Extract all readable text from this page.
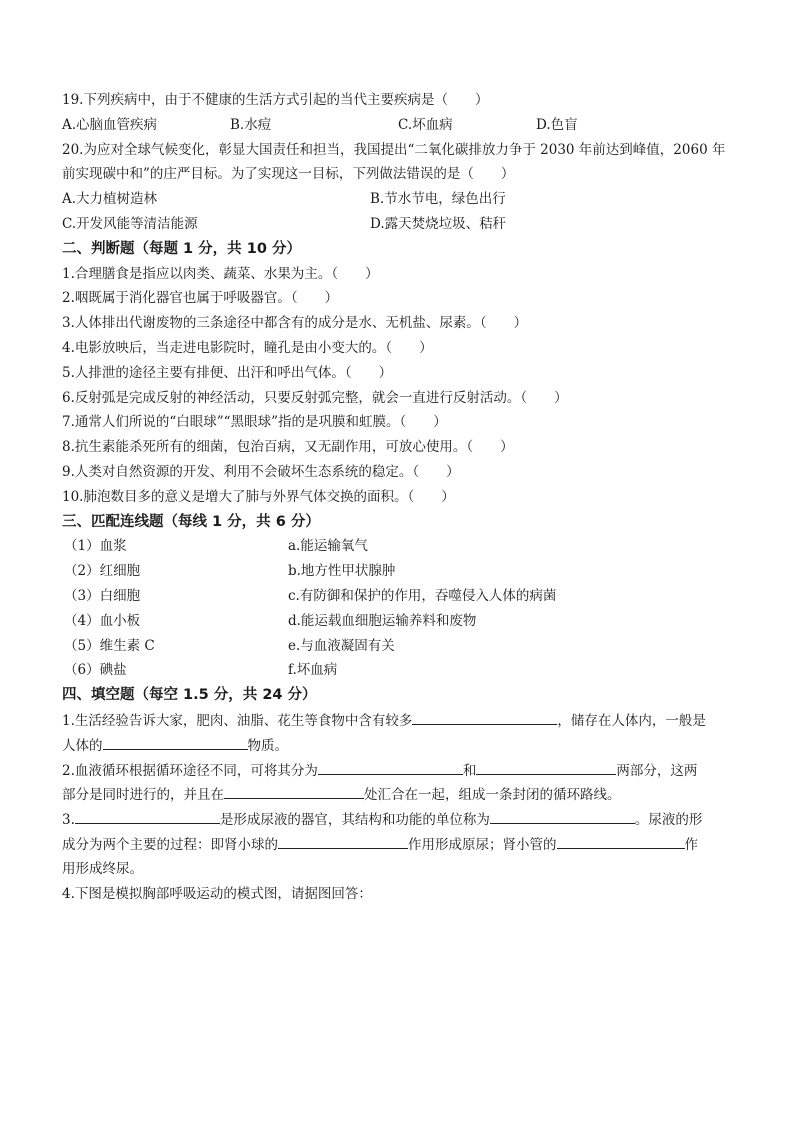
19.下列疾病中，由于不健康的生活方式引起的当代主要疾病是（　　）
A.心脑血管疾病	B.水痘	C.坏血病	D.色盲
20.为应对全球气候变化，彰显大国责任和担当，我国提出“二氧化碳排放力争于 2030 年前达到峰值，2060 年
前实现碳中和”的庄严目标。为了实现这一目标，下列做法错误的是（　　）
A.大力植树造林	B.节水节电，绿色出行
C.开发风能等清洁能源	D.露天焚烧垃圾、秸秆
二、判断题（每题 1 分，共 10 分）
1.合理膳食是指应以肉类、蔬菜、水果为主。（　　）
2.咽既属于消化器官也属于呼吸器官。（　　）
3.人体排出代谢废物的三条途径中都含有的成分是水、无机盐、尿素。（　　）
4.电影放映后，当走进电影院时，瞳孔是由小变大的。（　　）
5.人排泄的途径主要有排便、出汗和呼出气体。（　　）
6.反射弧是完成反射的神经活动，只要反射弧完整，就会一直进行反射活动。（　　）
7.通常人们所说的“白眼球”“黑眼球”指的是巩膜和虹膜。（　　）
8.抗生素能杀死所有的细菌，包治百病，又无副作用，可放心使用。（　　）
9.人类对自然资源的开发、利用不会破坏生态系统的稳定。（　　）
10.肺泡数目多的意义是增大了肺与外界气体交换的面积。（　　）
三、匹配连线题（每线 1 分，共 6 分）
（1）血浆	a.能运输氧气
（2）红细胞	b.地方性甲状腺肿
（3）白细胞	c.有防御和保护的作用，吞噬侵入人体的病菌
（4）血小板	d.能运载血细胞运输养料和废物
（5）维生素 C	e.与血液凝固有关
（6）碘盐	f.坏血病
四、填空题（每空 1.5 分，共 24 分）
1.生活经验告诉大家，肥肉、油脂、花生等食物中含有较多	，储存在人体内，一般是
人体的	物质。
2.血液循环根据循环途径不同，可将其分为	和	两部分，这两
部分是同时进行的，并且在	处汇合在一起，组成一条封闭的循环路线。
3.	是形成尿液的器官，其结构和功能的单位称为	。尿液的形
成分为两个主要的过程：即肾小球的	作用形成原尿；肾小管的	作
用形成终尿。
4.下图是模拟胸部呼吸运动的模式图，请据图回答：
